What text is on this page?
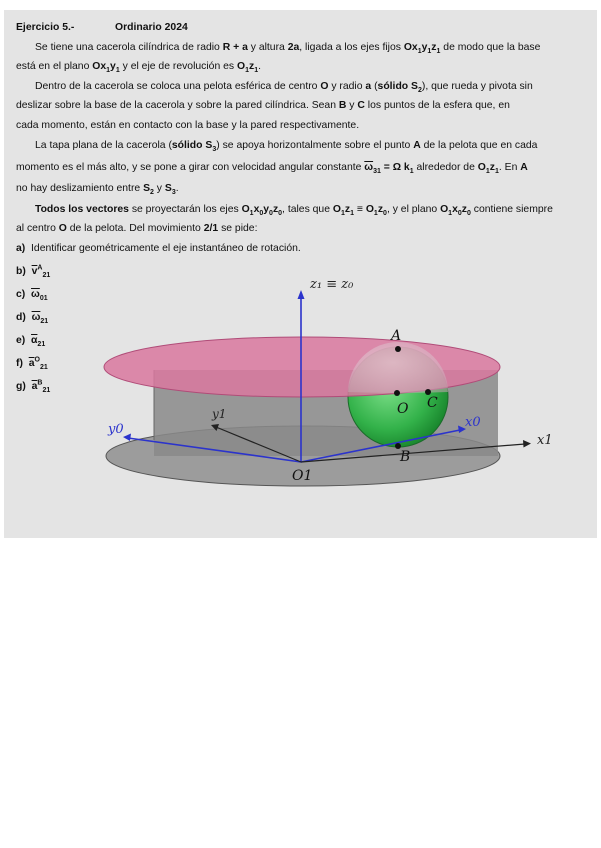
Ejercicio 5.-	Ordinario 2024
Se tiene una cacerola cilíndrica de radio R + a y altura 2a, ligada a los ejes fijos $Ox_1y_1z_1$ de modo que la base
está en el plano $Ox_1y_1$ y el eje de revolución es $O_1z_1$.
Dentro de la cacerola se coloca una pelota esférica de centro O y radio a (sólido $S_2$), que rueda y pivota sin
deslizar sobre la base de la cacerola y sobre la pared cilíndrica. Sean B y C los puntos de la esfera que, en
cada momento, están en contacto con la base y la pared respectivamente.
La tapa plana de la cacerola (sólido $S_3$) se apoya horizontalmente sobre el punto A de la pelota que en cada
momento es el más alto, y se pone a girar con velocidad angular constante $\overline{\omega}_{31} = \Omega$ $k_1$ alrededor de $O_1z_1$. En A
no hay deslizamiento entre $S_2$ y $S_3$.
Todos los vectores se proyectarán los ejes $O_1x_0y_0z_0$, tales que $O_1z_1 \equiv O_1z_0$, y el plano $O_1x_0z_0$ contiene siempre
al centro O de la pelota. Del movimiento 2/1 se pide:
a) Identificar geométricamente el eje instantáneo de rotación.
b) $\overline{v}^A_{21}$
c) $\overline{\omega}_{01}$
d) $\overline{\omega}_{21}$
e) $\overline{\alpha}_{21}$
f) $\overline{a}^O_{21}$
g) $\overline{a}^B_{21}$
z₁ ≡ z₀
y0
y1
x0
x1
O1
A
O C
B
